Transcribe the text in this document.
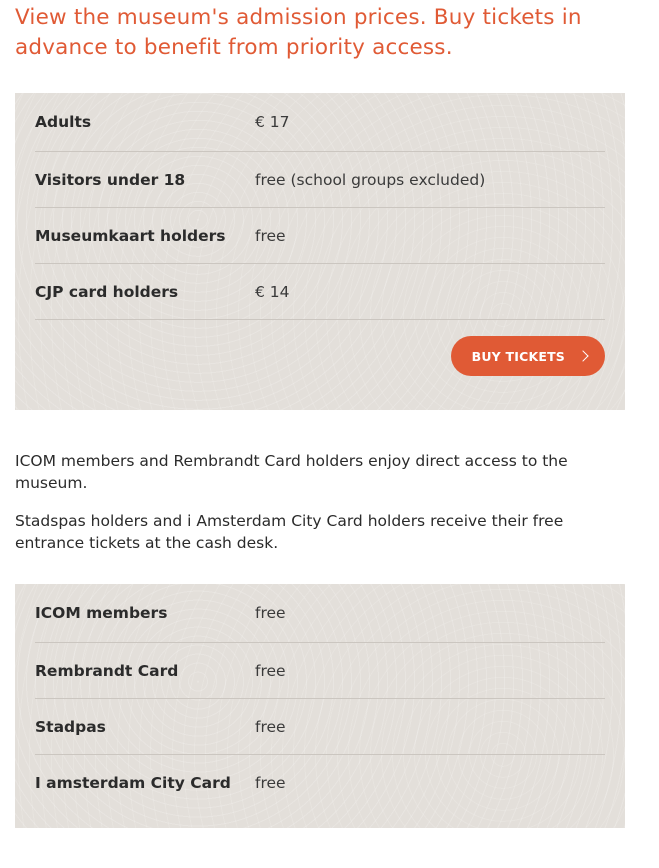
View the museum's admission prices. Buy tickets in advance to benefit from priority access.
Adults	€ 17
Visitors under 18	free (school groups excluded)
Museumkaart holders	free
CJP card holders	€ 14
BUY TICKETS

ICOM members and Rembrandt Card holders enjoy direct access to the museum.

Stadspas holders and i Amsterdam City Card holders receive their free entrance tickets at the cash desk.

ICOM members	free
Rembrandt Card	free
Stadpas	free
I amsterdam City Card	free
